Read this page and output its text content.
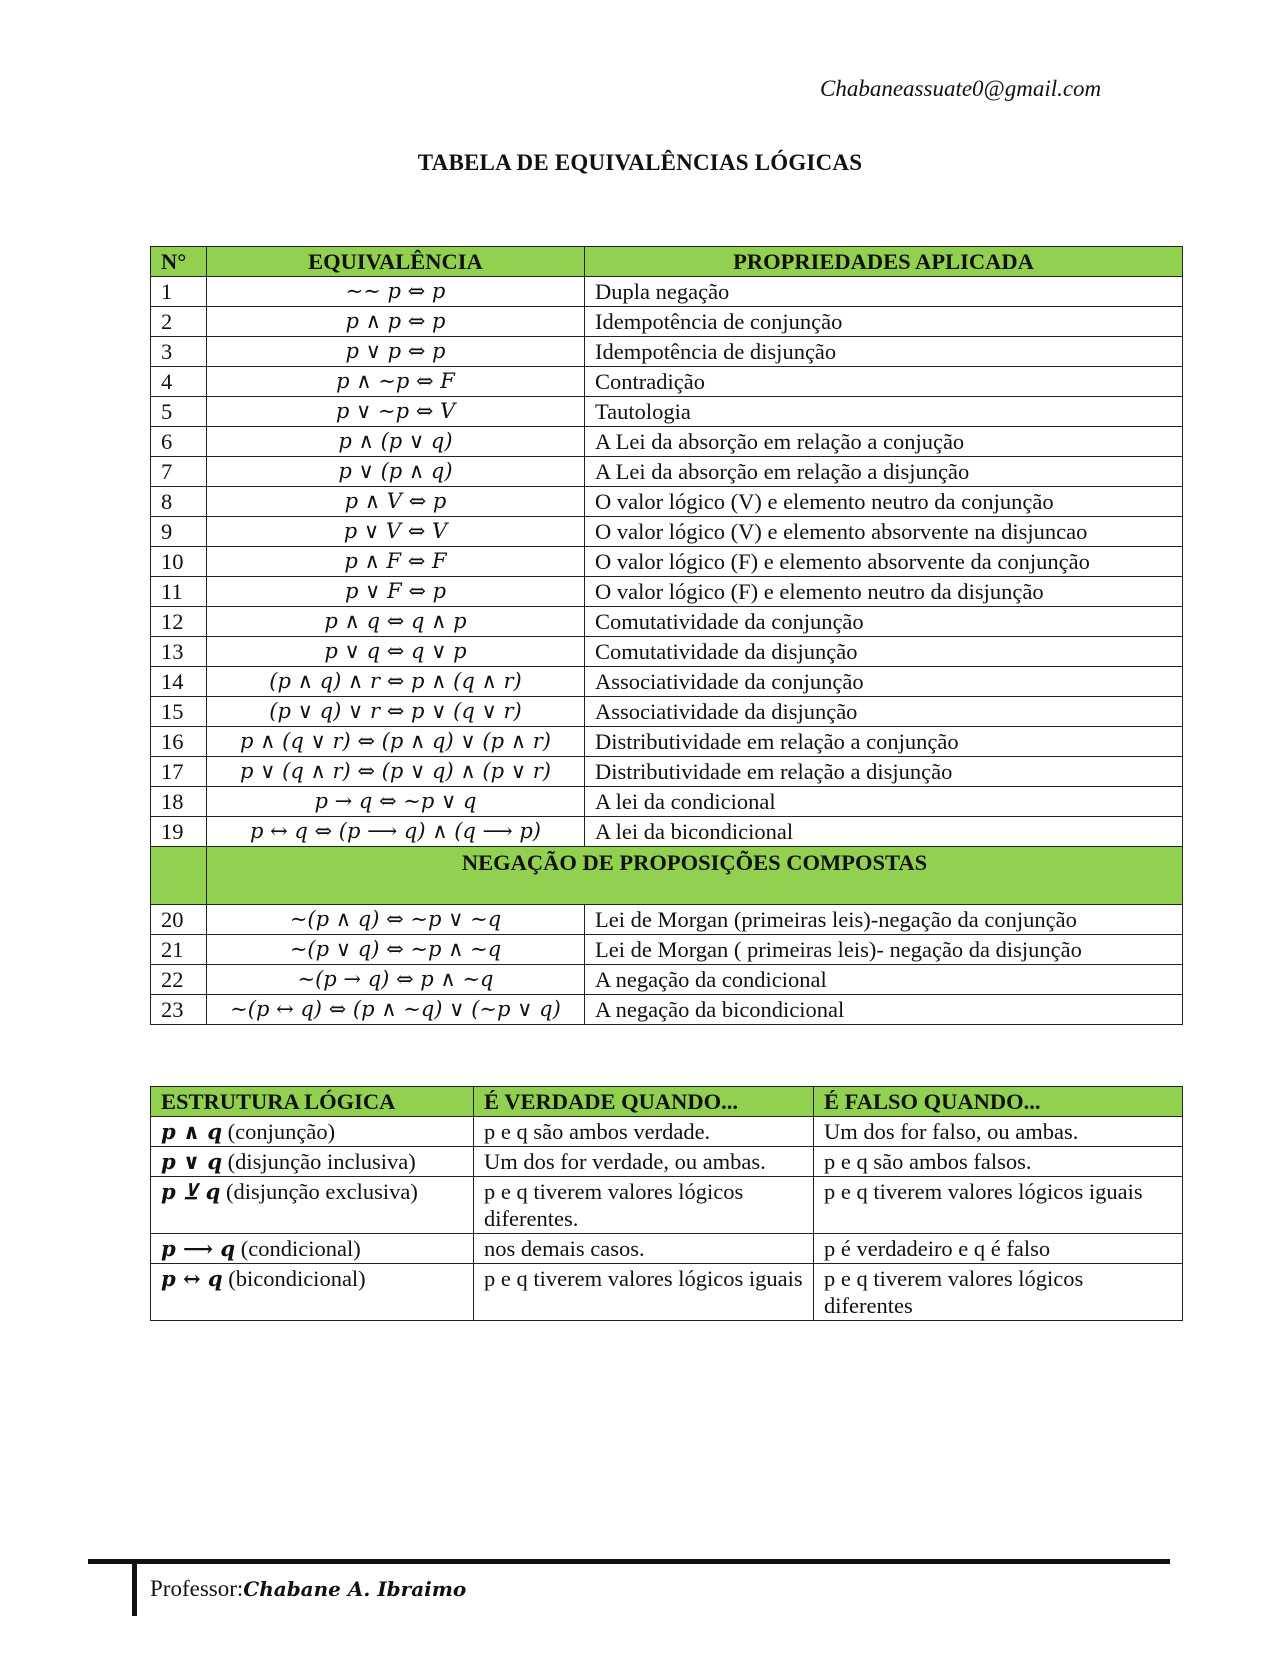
Chabaneassuate0@gmail.com
TABELA DE EQUIVALÊNCIAS LÓGICAS
N°	EQUIVALÊNCIA	PROPRIEDADES APLICADA
1	∼∼ p ⇔ p	Dupla negação
2	p ∧ p ⇔ p	Idempotência de conjunção
3	p ∨ p ⇔ p	Idempotência de disjunção
4	p ∧ ∼p ⇔ F	Contradição
5	p ∨ ∼p ⇔ V	Tautologia
6	p ∧ (p ∨ q)	A Lei da absorção em relação a conjução
7	p ∨ (p ∧ q)	A Lei da absorção em relação a disjunção
8	p ∧ V ⇔ p	O valor lógico (V) e elemento neutro da conjunção
9	p ∨ V ⇔ V	O valor lógico (V) e elemento absorvente na disjuncao
10	p ∧ F ⇔ F	O valor lógico (F) e elemento absorvente da conjunção
11	p ∨ F ⇔ p	O valor lógico (F) e elemento neutro da disjunção
12	p ∧ q ⇔ q ∧ p	Comutatividade da conjunção
13	p ∨ q ⇔ q ∨ p	Comutatividade da disjunção
14	(p ∧ q) ∧ r ⇔ p ∧ (q ∧ r)	Associatividade da conjunção
15	(p ∨ q) ∨ r ⇔ p ∨ (q ∨ r)	Associatividade da disjunção
16	p ∧ (q ∨ r) ⇔ (p ∧ q) ∨ (p ∧ r)	Distributividade em relação a conjunção
17	p ∨ (q ∧ r) ⇔ (p ∨ q) ∧ (p ∨ r)	Distributividade em relação a disjunção
18	p → q ⇔ ∼p ∨ q	A lei da condicional
19	p ↔ q ⇔ (p ⟶ q) ∧ (q ⟶ p)	A lei da bicondicional
	NEGAÇÃO DE PROPOSIÇÕES COMPOSTAS	
20	∼(p ∧ q) ⇔ ∼p ∨ ∼q	Lei de Morgan (primeiras leis)-negação da conjunção
21	∼(p ∨ q) ⇔ ∼p ∧ ∼q	Lei de Morgan ( primeiras leis)- negação da disjunção
22	∼(p → q) ⇔ p ∧ ∼q	A negação da condicional
23	∼(p ↔ q) ⇔ (p ∧ ∼q) ∨ (∼p ∨ q)	A negação da bicondicional
ESTRUTURA LÓGICA	É VERDADE QUANDO...	É FALSO QUANDO...
p ∧ q (conjunção)	p e q são ambos verdade.	Um dos for falso, ou ambas.
p ∨ q (disjunção inclusiva)	Um dos for verdade, ou ambas.	p e q são ambos falsos.
p ⊻ q (disjunção exclusiva)	p e q tiverem valores lógicos diferentes.	p e q tiverem valores lógicos iguais
p ⟶ q (condicional)	nos demais casos.	p é verdadeiro e q é falso
p ↔ q (bicondicional)	p e q tiverem valores lógicos iguais	p e q tiverem valores lógicos diferentes
Professor:Chabane A. Ibraimo
